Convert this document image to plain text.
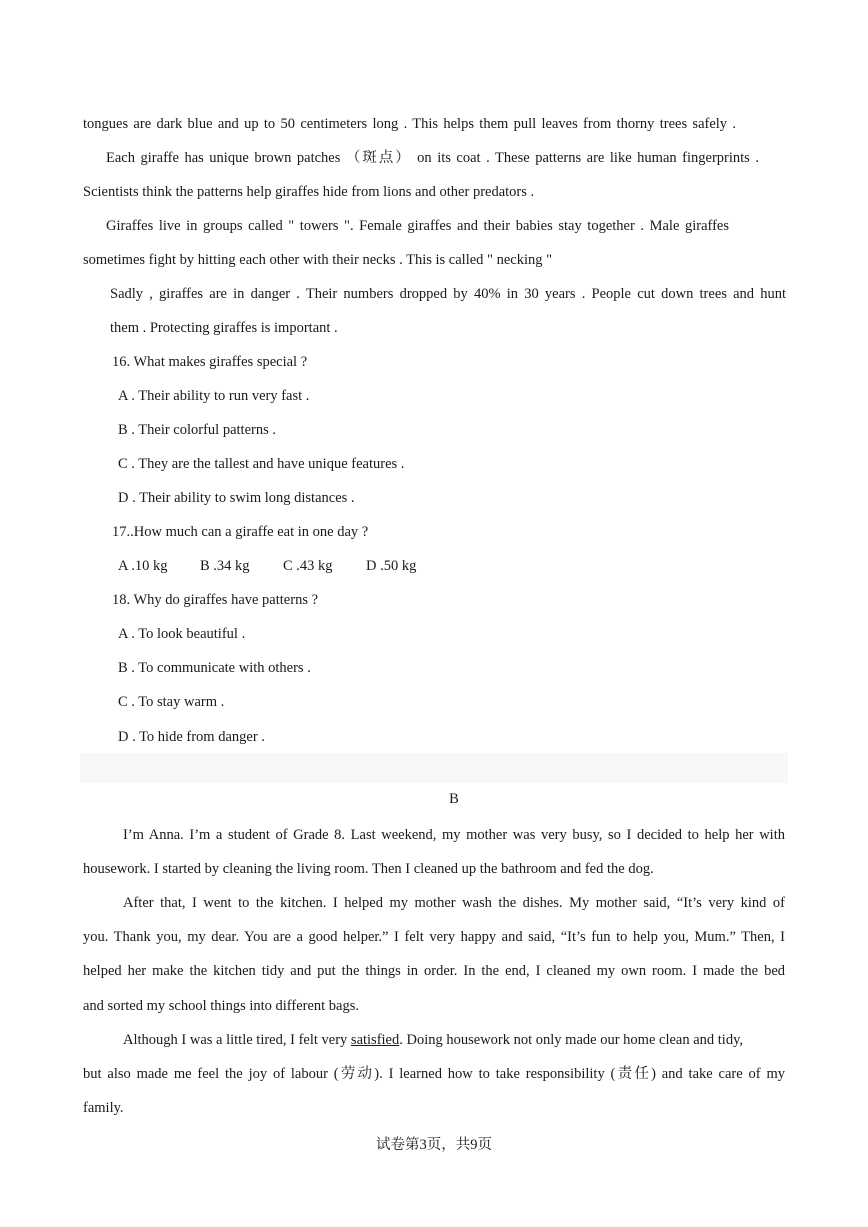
tongues are dark blue and up to 50 centimeters long . This helps them pull leaves from thorny trees safely .
Each giraffe has unique brown patches （斑点） on its coat . These patterns are like human fingerprints .
Scientists think the patterns help giraffes hide from lions and other predators .
Giraffes live in groups called " towers ". Female giraffes and their babies stay together . Male giraffes
sometimes fight by hitting each other with their necks . This is called " necking "
Sadly , giraffes are in danger . Their numbers dropped by 40% in 30 years . People cut down trees and hunt
them . Protecting giraffes is important .
16. What makes giraffes special ?
A . Their ability to run very fast .
B . Their colorful patterns .
C . They are the tallest and have unique features .
D . Their ability to swim long distances .
17..How much can a giraffe eat in one day ?
A .10 kg B .34 kg C .43 kg D .50 kg
18. Why do giraffes have patterns ?
A . To look beautiful .
B . To communicate with others .
C . To stay warm .
D . To hide from danger .
B
I’m Anna. I’m a student of Grade 8. Last weekend, my mother was very busy, so I decided to help her with
housework. I started by cleaning the living room. Then I cleaned up the bathroom and fed the dog.
After that, I went to the kitchen. I helped my mother wash the dishes. My mother said, “It’s very kind of
you. Thank you, my dear. You are a good helper.” I felt very happy and said, “It’s fun to help you, Mum.” Then, I
helped her make the kitchen tidy and put the things in order. In the end, I cleaned my own room. I made the bed
and sorted my school things into different bags.
Although I was a little tired, I felt very satisfied. Doing housework not only made our home clean and tidy,
but also made me feel the joy of labour (劳动). I learned how to take responsibility (责任) and take care of my
family.
试卷第3页，共9页
